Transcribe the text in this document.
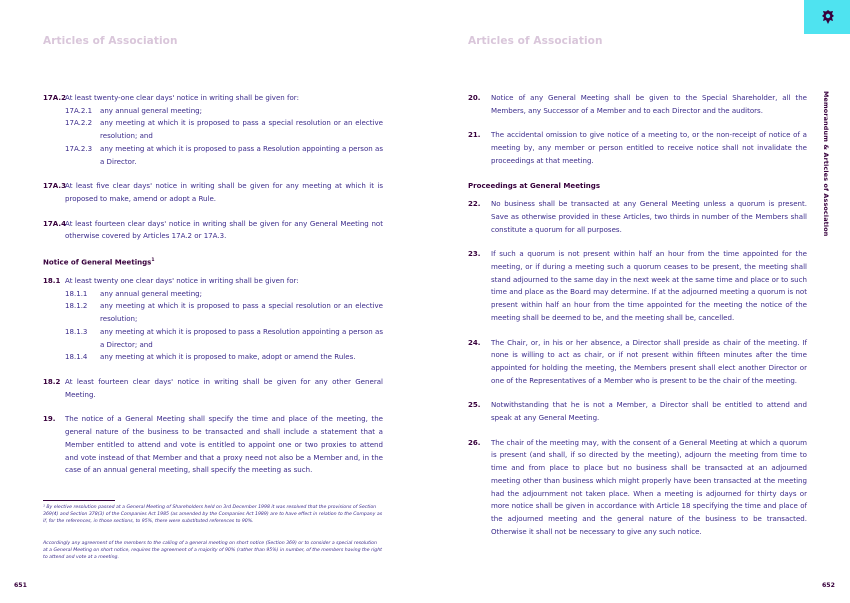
Articles of Association	Articles of Association
Memorandum & Articles of Association
17A.2 At least twenty-one clear days' notice in writing shall be given for:
17A.2.1	any annual general meeting;
17A.2.2	any meeting at which it is proposed to pass a special resolution or an elective resolution; and
17A.2.3	any meeting at which it is proposed to pass a Resolution appointing a person as a Director.
17A.3 At least five clear days' notice in writing shall be given for any meeting at which it is proposed to make, amend or adopt a Rule.
17A.4 At least fourteen clear days' notice in writing shall be given for any General Meeting not otherwise covered by Articles 17A.2 or 17A.3.
Notice of General Meetings$^1$
18.1 At least twenty one clear days' notice in writing shall be given for:
18.1.1	any annual general meeting;
18.1.2	any meeting at which it is proposed to pass a special resolution or an elective resolution;
18.1.3	any meeting at which it is proposed to pass a Resolution appointing a person as a Director; and
18.1.4	any meeting at which it is proposed to make, adopt or amend the Rules.
18.2 At least fourteen clear days' notice in writing shall be given for any other General Meeting.
19.	The notice of a General Meeting shall specify the time and place of the meeting, the general nature of the business to be transacted and shall include a statement that a Member entitled to attend and vote is entitled to appoint one or two proxies to attend and vote instead of that Member and that a proxy need not also be a Member and, in the case of an annual general meeting, shall specify the meeting as such.
¹ By elective resolution passed at a General Meeting of Shareholders held on 3rd December 1998 it was resolved that the provisions of Section 369(4) and Section 378(3) of the Companies Act 1985 (as amended by the Companies Act 1989) are to have effect in relation to the Company as if, for the references, in those sections, to 95%, there were substituted references to 90%.
Accordingly any agreement of the members to the calling of a general meeting on short notice (Section 369) or to consider a special resolution at a General Meeting on short notice, requires the agreement of a majority of 90% (rather than 95%) in number, of the members having the right to attend and vote at a meeting.
20.	Notice of any General Meeting shall be given to the Special Shareholder, all the Members, any Successor of a Member and to each Director and the auditors.
21.	The accidental omission to give notice of a meeting to, or the non-receipt of notice of a meeting by, any member or person entitled to receive notice shall not invalidate the proceedings at that meeting.
Proceedings at General Meetings
22.	No business shall be transacted at any General Meeting unless a quorum is present. Save as otherwise provided in these Articles, two thirds in number of the Members shall constitute a quorum for all purposes.
23.	If such a quorum is not present within half an hour from the time appointed for the meeting, or if during a meeting such a quorum ceases to be present, the meeting shall stand adjourned to the same day in the next week at the same time and place or to such time and place as the Board may determine. If at the adjourned meeting a quorum is not present within half an hour from the time appointed for the meeting the notice of the meeting shall be deemed to be, and the meeting shall be, cancelled.
24.	The Chair, or, in his or her absence, a Director shall preside as chair of the meeting. If none is willing to act as chair, or if not present within fifteen minutes after the time appointed for holding the meeting, the Members present shall elect another Director or one of the Representatives of a Member who is present to be the chair of the meeting.
25.	Notwithstanding that he is not a Member, a Director shall be entitled to attend and speak at any General Meeting.
26.	The chair of the meeting may, with the consent of a General Meeting at which a quorum is present (and shall, if so directed by the meeting), adjourn the meeting from time to time and from place to place but no business shall be transacted at an adjourned meeting other than business which might properly have been transacted at the meeting had the adjournment not taken place. When a meeting is adjourned for thirty days or more notice shall be given in accordance with Article 18 specifying the time and place of the adjourned meeting and the general nature of the business to be transacted. Otherwise it shall not be necessary to give any such notice.
651	652
